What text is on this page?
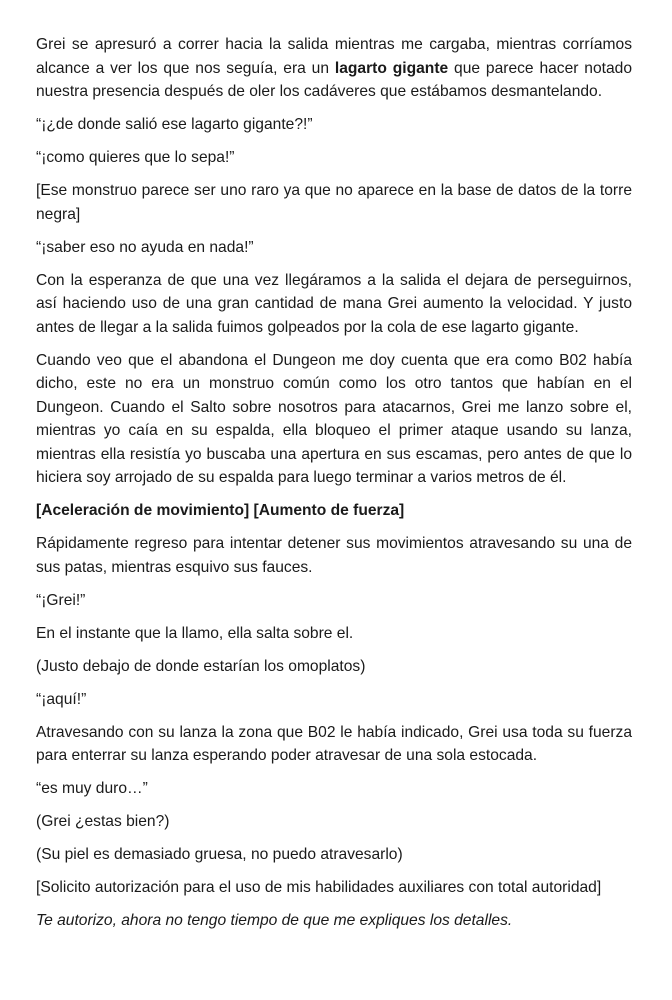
Grei se apresuró a correr hacia la salida mientras me cargaba, mientras corríamos alcance a ver los que nos seguía, era un lagarto gigante que parece hacer notado nuestra presencia después de oler los cadáveres que estábamos desmantelando.

“¡¿de donde salió ese lagarto gigante?!”

“¡como quieres que lo sepa!”

[Ese monstruo parece ser uno raro ya que no aparece en la base de datos de la torre negra]

“¡saber eso no ayuda en nada!”

Con la esperanza de que una vez llegáramos a la salida el dejara de perseguirnos, así haciendo uso de una gran cantidad de mana Grei aumento la velocidad. Y justo antes de llegar a la salida fuimos golpeados por la cola de ese lagarto gigante.

Cuando veo que el abandona el Dungeon me doy cuenta que era como B02 había dicho, este no era un monstruo común como los otro tantos que habían en el Dungeon. Cuando el Salto sobre nosotros para atacarnos, Grei me lanzo sobre el, mientras yo caía en su espalda, ella bloqueo el primer ataque usando su lanza, mientras ella resistía yo buscaba una apertura en sus escamas, pero antes de que lo hiciera soy arrojado de su espalda para luego terminar a varios metros de él.

[Aceleración de movimiento] [Aumento de fuerza]

Rápidamente regreso para intentar detener sus movimientos atravesando su una de sus patas, mientras esquivo sus fauces.

“¡Grei!”

En el instante que la llamo, ella salta sobre el.

(Justo debajo de donde estarían los omoplatos)

“¡aquí!”

Atravesando con su lanza la zona que B02 le había indicado, Grei usa toda su fuerza para enterrar su lanza esperando poder atravesar de una sola estocada.

“es muy duro…”

(Grei ¿estas bien?)

(Su piel es demasiado gruesa, no puedo atravesarlo)

[Solicito autorización para el uso de mis habilidades auxiliares con total autoridad]

Te autorizo, ahora no tengo tiempo de que me expliques los detalles.
